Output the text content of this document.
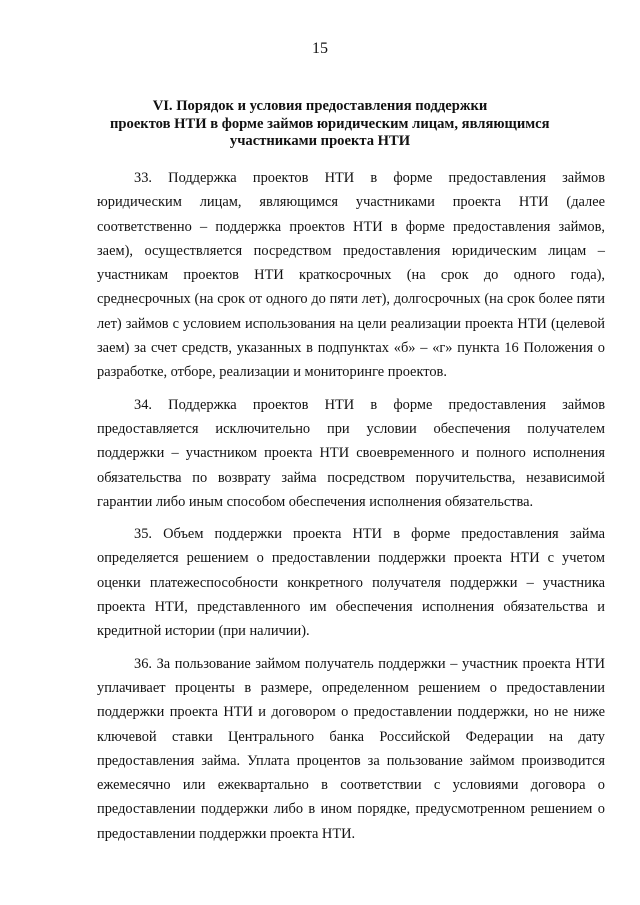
15
VI. Порядок и условия предоставления поддержки
проектов НТИ в форме займов юридическим лицам, являющимся
участниками проекта НТИ

33. Поддержка проектов НТИ в форме предоставления займов юридическим лицам, являющимся участниками проекта НТИ (далее соответственно – поддержка проектов НТИ в форме предоставления займов, заем), осуществляется посредством предоставления юридическим лицам – участникам проектов НТИ краткосрочных (на срок до одного года), среднесрочных (на срок от одного до пяти лет), долгосрочных (на срок более пяти лет) займов с условием использования на цели реализации проекта НТИ (целевой заем) за счет средств, указанных в подпунктах «б» – «г» пункта 16 Положения о разработке, отборе, реализации и мониторинге проектов.

34. Поддержка проектов НТИ в форме предоставления займов предоставляется исключительно при условии обеспечения получателем поддержки – участником проекта НТИ своевременного и полного исполнения обязательства по возврату займа посредством поручительства, независимой гарантии либо иным способом обеспечения исполнения обязательства.

35. Объем поддержки проекта НТИ в форме предоставления займа определяется решением о предоставлении поддержки проекта НТИ с учетом оценки платежеспособности конкретного получателя поддержки – участника проекта НТИ, представленного им обеспечения исполнения обязательства и кредитной истории (при наличии).

36. За пользование займом получатель поддержки – участник проекта НТИ уплачивает проценты в размере, определенном решением о предоставлении поддержки проекта НТИ и договором о предоставлении поддержки, но не ниже ключевой ставки Центрального банка Российской Федерации на дату предоставления займа. Уплата процентов за пользование займом производится ежемесячно или ежеквартально в соответствии с условиями договора о предоставлении поддержки либо в ином порядке, предусмотренном решением о предоставлении поддержки проекта НТИ.
